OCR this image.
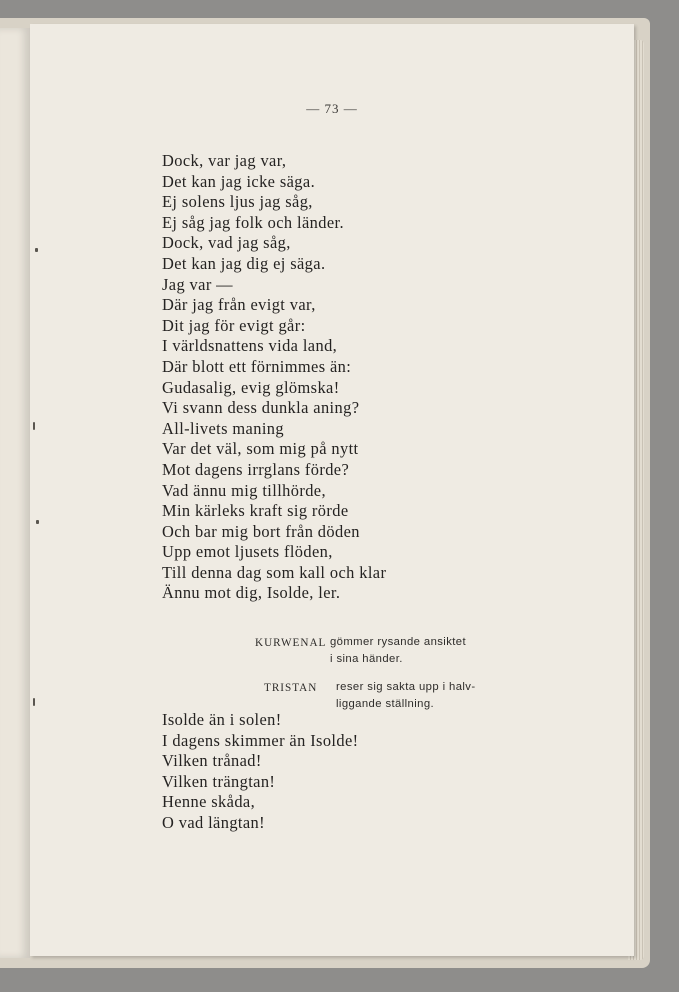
— 73 —
Dock, var jag var,
Det kan jag icke säga.
Ej solens ljus jag såg,
Ej såg jag folk och länder.
Dock, vad jag såg,
Det kan jag dig ej säga.
Jag var —
Där jag från evigt var,
Dit jag för evigt går:
I världsnattens vida land,
Där blott ett förnimmes än:
Gudasalig, evig glömska!
Vi svann dess dunkla aning?
All-livets maning
Var det väl, som mig på nytt
Mot dagens irrglans förde?
Vad ännu mig tillhörde,
Min kärleks kraft sig rörde
Och bar mig bort från döden
Upp emot ljusets flöden,
Till denna dag som kall och klar
Ännu mot dig, Isolde, ler.
KURWENAL gömmer rysande ansiktet
i sina händer.
TRISTAN reser sig sakta upp i halv-
liggande ställning.
Isolde än i solen!
I dagens skimmer än Isolde!
Vilken trånad!
Vilken trängtan!
Henne skåda,
O vad längtan!
